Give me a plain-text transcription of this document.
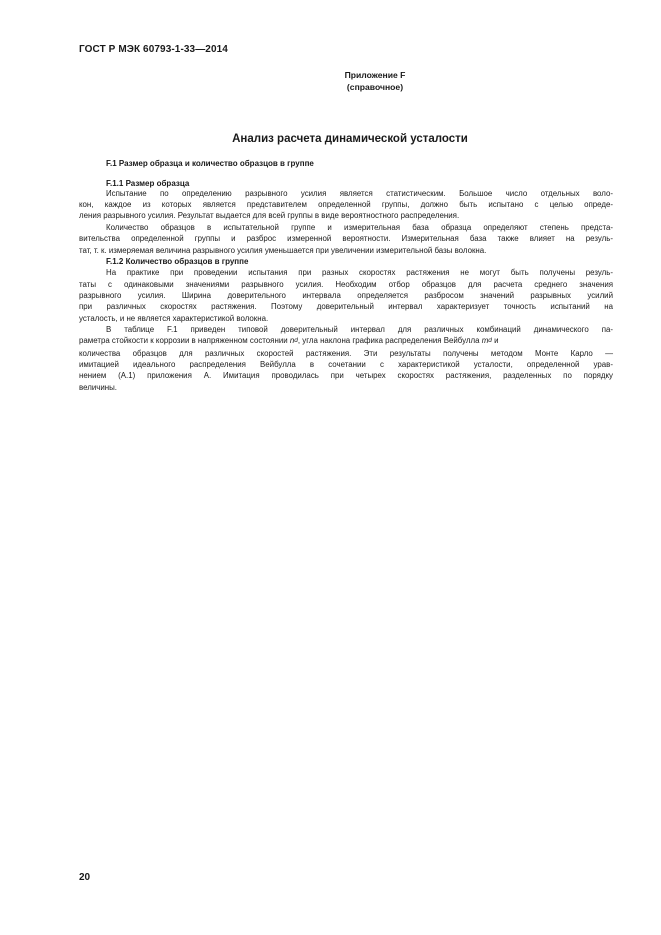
ГОСТ Р МЭК 60793-1-33—2014
Приложение F
(справочное)
Анализ расчета динамической усталости
F.1 Размер образца и количество образцов в группе
F.1.1 Размер образца
Испытание по определению разрывного усилия является статистическим. Большое число отдельных воло-
кон, каждое из которых является представителем определенной группы, должно быть испытано с целью опреде-
ления разрывного усилия. Результат выдается для всей группы в виде вероятностного распределения.
Количество образцов в испытательной группе и измерительная база образца определяют степень предста-
вительства определенной группы и разброс измеренной вероятности. Измерительная база также влияет на резуль-
тат, т. к. измеряемая величина разрывного усилия уменьшается при увеличении измерительной базы волокна.
F.1.2 Количество образцов в группе
На практике при проведении испытания при разных скоростях растяжения не могут быть получены резуль-
таты с одинаковыми значениями разрывного усилия. Необходим отбор образцов для расчета среднего значения
разрывного усилия. Ширина доверительного интервала определяется разбросом значений разрывных усилий
при различных скоростях растяжения. Поэтому доверительный интервал характеризует точность испытаний на
усталость, и не является характеристикой волокна.
В таблице F.1 приведен типовой доверительный интервал для различных комбинаций динамического па-
раметра стойкости к коррозии в напряженном состоянии $n_d$, угла наклона графика распределения Вейбулла $m_d$ и
количества образцов для различных скоростей растяжения. Эти результаты получены методом Монте Карло —
имитацией идеального распределения Вейбулла в сочетании с характеристикой усталости, определенной урав-
нением (А.1) приложения А. Имитация проводилась при четырех скоростях растяжения, разделенных по порядку
величины.
20
